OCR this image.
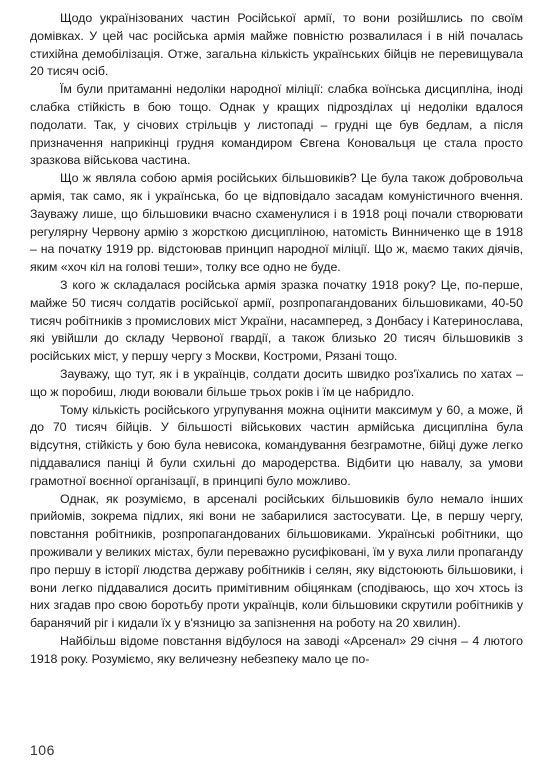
Щодо українізованих частин Російської армії, то вони розійшлись по своїм домівках. У цей час російська армія майже повністю розвалилася і в ній почалась стихійна демобілізація. Отже, загальна кількість українських бійців не перевищувала 20 тисяч осіб.

Їм були притаманні недоліки народної міліції: слабка воїнська дисципліна, іноді слабка стійкість в бою тощо. Однак у кращих підрозділах ці недоліки вдалося подолати. Так, у січових стрільців у листопаді – грудні ще був бедлам, а після призначення наприкінці грудня командиром Євгена Коновальця це стала просто зразкова військова частина.

Що ж являла собою армія російських більшовиків? Це була також добровольча армія, так само, як і українська, бо це відповідало засадам комуністичного вчення. Зауважу лише, що більшовики вчасно схаменулися і в 1918 році почали створювати регулярну Червону армію з жорсткою дисципліною, натомість Винниченко ще в 1918 – на початку 1919 рр. відстоював принцип народної міліції. Що ж, маємо таких діячів, яким «хоч кіл на голові теши», толку все одно не буде.

З кого ж складалася російська армія зразка початку 1918 року? Це, по-перше, майже 50 тисяч солдатів російської армії, розпропагандованих більшовиками, 40-50 тисяч робітників з промислових міст України, насамперед, з Донбасу і Катеринослава, які увійшли до складу Червоної гвардії, а також близько 20 тисяч більшовиків з російських міст, у першу чергу з Москви, Костроми, Рязані тощо.

Зауважу, що тут, як і в українців, солдати досить швидко роз'їхались по хатах – що ж поробиш, люди воювали більше трьох років і їм це набридло.

Тому кількість російського угрупування можна оцінити максимум у 60, а може, й до 70 тисяч бійців. У більшості військових частин армійська дисципліна була відсутня, стійкість у бою була невисока, командування безграмотне, бійці дуже легко піддавалися паніці й були схильні до мародерства. Відбити цю навалу, за умови грамотної воєнної організації, в принципі було можливо.

Однак, як розуміємо, в арсеналі російських більшовиків було немало інших прийомів, зокрема підлих, які вони не забарилися застосувати. Це, в першу чергу, повстання робітників, розпропагандованих більшовиками. Українські робітники, що проживали у великих містах, були переважно русифіковані, їм у вуха лили пропаганду про першу в історії людства державу робітників і селян, яку відстоюють більшовики, і вони легко піддавалися досить примітивним обіцянкам (сподіваюсь, що хоч хтось із них згадав про свою боротьбу проти українців, коли більшовики скрутили робітників у баранячий ріг і кидали їх у в'язницю за запізнення на роботу на 20 хвилин).

Найбільш відоме повстання відбулося на заводі «Арсенал» 29 січня – 4 лютого 1918 року. Розуміємо, яку величезну небезпеку мало це по-

106
